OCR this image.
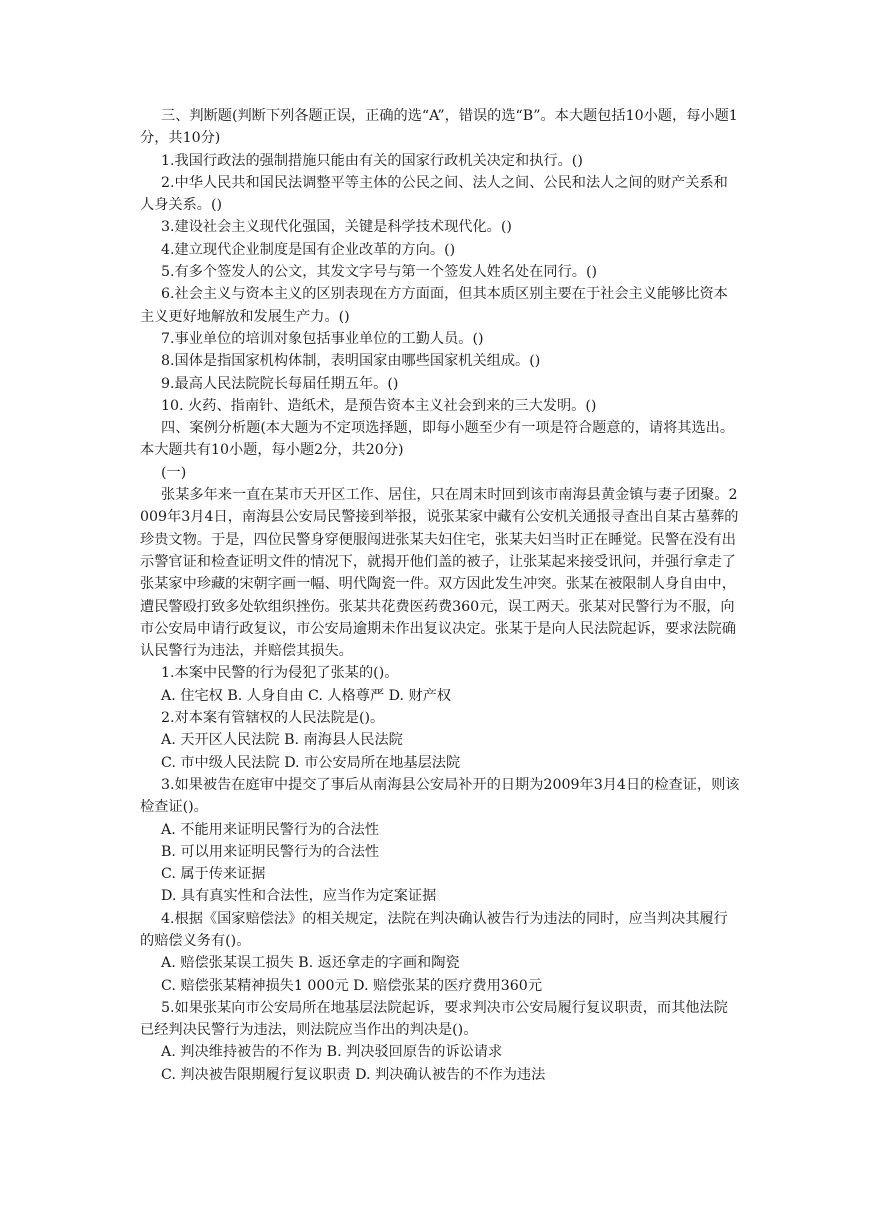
三、判断题(判断下列各题正误，正确的选“A”，错误的选“B”。本大题包括10小题，每小题1分，共10分)

1.我国行政法的强制措施只能由有关的国家行政机关决定和执行。()

2.中华人民共和国民法调整平等主体的公民之间、法人之间、公民和法人之间的财产关系和人身关系。()

3.建设社会主义现代化强国，关键是科学技术现代化。()

4.建立现代企业制度是国有企业改革的方向。()

5.有多个签发人的公文，其发文字号与第一个签发人姓名处在同行。()

6.社会主义与资本主义的区别表现在方方面面，但其本质区别主要在于社会主义能够比资本主义更好地解放和发展生产力。()

7.事业单位的培训对象包括事业单位的工勤人员。()

8.国体是指国家机构体制，表明国家由哪些国家机关组成。()

9.最高人民法院院长每届任期五年。()

10. 火药、指南针、造纸术，是预告资本主义社会到来的三大发明。()

四、案例分析题(本大题为不定项选择题，即每小题至少有一项是符合题意的，请将其选出。本大题共有10小题，每小题2分，共20分)

(一)

张某多年来一直在某市天开区工作、居住，只在周末时回到该市南海县黄金镇与妻子团聚。2009年3月4日，南海县公安局民警接到举报，说张某家中藏有公安机关通报寻查出自某古墓葬的珍贵文物。于是，四位民警身穿便服闯进张某夫妇住宅，张某夫妇当时正在睡觉。民警在没有出示警官证和检查证明文件的情况下，就揭开他们盖的被子，让张某起来接受讯问，并强行拿走了张某家中珍藏的宋朝字画一幅、明代陶瓷一件。双方因此发生冲突。张某在被限制人身自由中，遭民警殴打致多处软组织挫伤。张某共花费医药费360元，误工两天。张某对民警行为不服，向市公安局申请行政复议，市公安局逾期未作出复议决定。张某于是向人民法院起诉，要求法院确认民警行为违法，并赔偿其损失。

1.本案中民警的行为侵犯了张某的()。

A. 住宅权 B. 人身自由 C. 人格尊严 D. 财产权

2.对本案有管辖权的人民法院是()。

A. 天开区人民法院 B. 南海县人民法院

C. 市中级人民法院 D. 市公安局所在地基层法院

3.如果被告在庭审中提交了事后从南海县公安局补开的日期为2009年3月4日的检查证，则该检查证()。

A. 不能用来证明民警行为的合法性

B. 可以用来证明民警行为的合法性

C. 属于传来证据

D. 具有真实性和合法性，应当作为定案证据

4.根据《国家赔偿法》的相关规定，法院在判决确认被告行为违法的同时，应当判决其履行的赔偿义务有()。

A. 赔偿张某误工损失 B. 返还拿走的字画和陶瓷

C. 赔偿张某精神损失1 000元 D. 赔偿张某的医疗费用360元

5.如果张某向市公安局所在地基层法院起诉，要求判决市公安局履行复议职责，而其他法院已经判决民警行为违法，则法院应当作出的判决是()。

A. 判决维持被告的不作为 B. 判决驳回原告的诉讼请求

C. 判决被告限期履行复议职责 D. 判决确认被告的不作为违法
